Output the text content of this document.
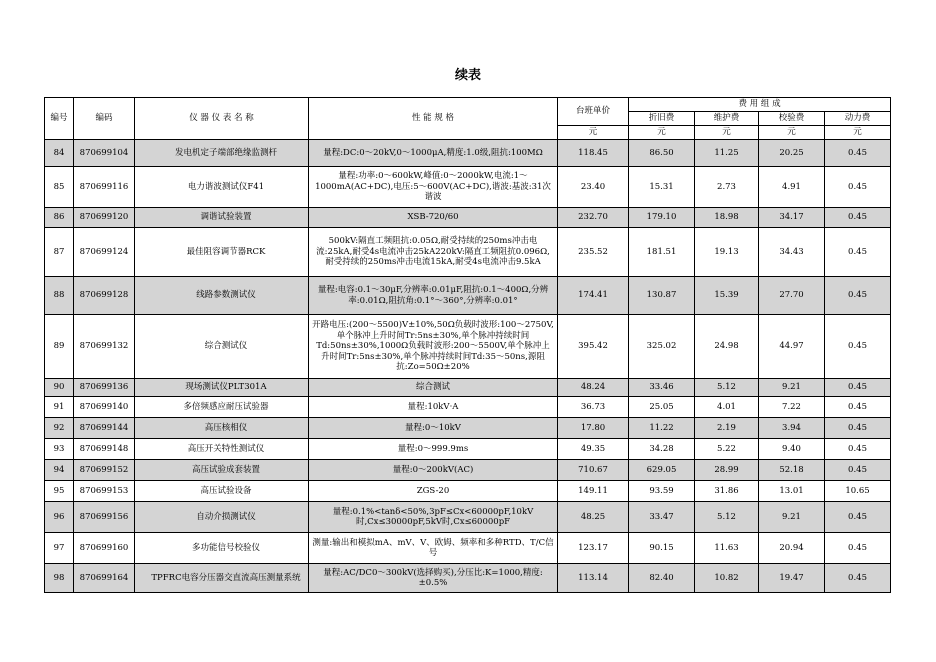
续表
编号	编码	仪 器 仪 表 名 称	性 能 规 格	台班单价	费 用 组 成			
					折旧费	维护费	校验费	动力费
				元	元	元	元	元
84	870699104	发电机定子端部绝缘监测杆	量程:DC:0～20kV,0～1000μA,精度:1.0级,阻抗:100MΩ	118.45	86.50	11.25	20.25	0.45
85	870699116	电力谐波测试仪F41	量程:功率:0～600kW,峰值:0～2000kW,电流:1～1000mA(AC+DC),电压:5～600V(AC+DC),谐波:基波:31次谐波	23.40	15.31	2.73	4.91	0.45
86	870699120	调谐试验装置	XSB-720/60	232.70	179.10	18.98	34.17	0.45
87	870699124	最佳阻容调节器RCK	500kV:隔直工频阻抗:0.05Ω,耐受持续的250ms冲击电流:25kA,耐受4s电流冲击25kA220kV:隔直工频阻抗0.096Ω,耐受持续的250ms冲击电流15kA,耐受4s电流冲击9.5kA	235.52	181.51	19.13	34.43	0.45
88	870699128	线路参数测试仪	量程:电容:0.1～30μF,分辨率:0.01μF,阻抗:0.1～400Ω,分辨率:0.01Ω,阻抗角:0.1°～360°,分辨率:0.01°	174.41	130.87	15.39	27.70	0.45
89	870699132	综合测试仪	开路电压:(200～5500)V±10%,50Ω负载时波形:100～2750V,单个脉冲上升时间Tr:5ns±30%,单个脉冲持续时间Td:50ns±30%,1000Ω负载时波形:200～5500V,单个脉冲上升时间Tr:5ns±30%,单个脉冲持续时间Td:35～50ns,源阻抗:Zo=50Ω±20%	395.42	325.02	24.98	44.97	0.45
90	870699136	现场测试仪PLT301A	综合测试	48.24	33.46	5.12	9.21	0.45
91	870699140	多倍频感应耐压试验器	量程:10kV·A	36.73	25.05	4.01	7.22	0.45
92	870699144	高压核相仪	量程:0～10kV	17.80	11.22	2.19	3.94	0.45
93	870699148	高压开关特性测试仪	量程:0～999.9ms	49.35	34.28	5.22	9.40	0.45
94	870699152	高压试验成套装置	量程:0～200kV(AC)	710.67	629.05	28.99	52.18	0.45
95	870699153	高压试验设备	ZGS-20	149.11	93.59	31.86	13.01	10.65
96	870699156	自动介损测试仪	量程:0.1%<tanδ<50%,3pF≤Cx<60000pF,10kV时,Cx≤30000pF,5kV时,Cx≤60000pF	48.25	33.47	5.12	9.21	0.45
97	870699160	多功能信号校验仪	测量:输出和模拟mA、mV、V、欧姆、频率和多种RTD、T/C信号	123.17	90.15	11.63	20.94	0.45
98	870699164	TPFRC电容分压器交直流高压测量系统	量程:AC/DC0～300kV(选择购买),分压比:K=1000,精度:±0.5%	113.14	82.40	10.82	19.47	0.45
